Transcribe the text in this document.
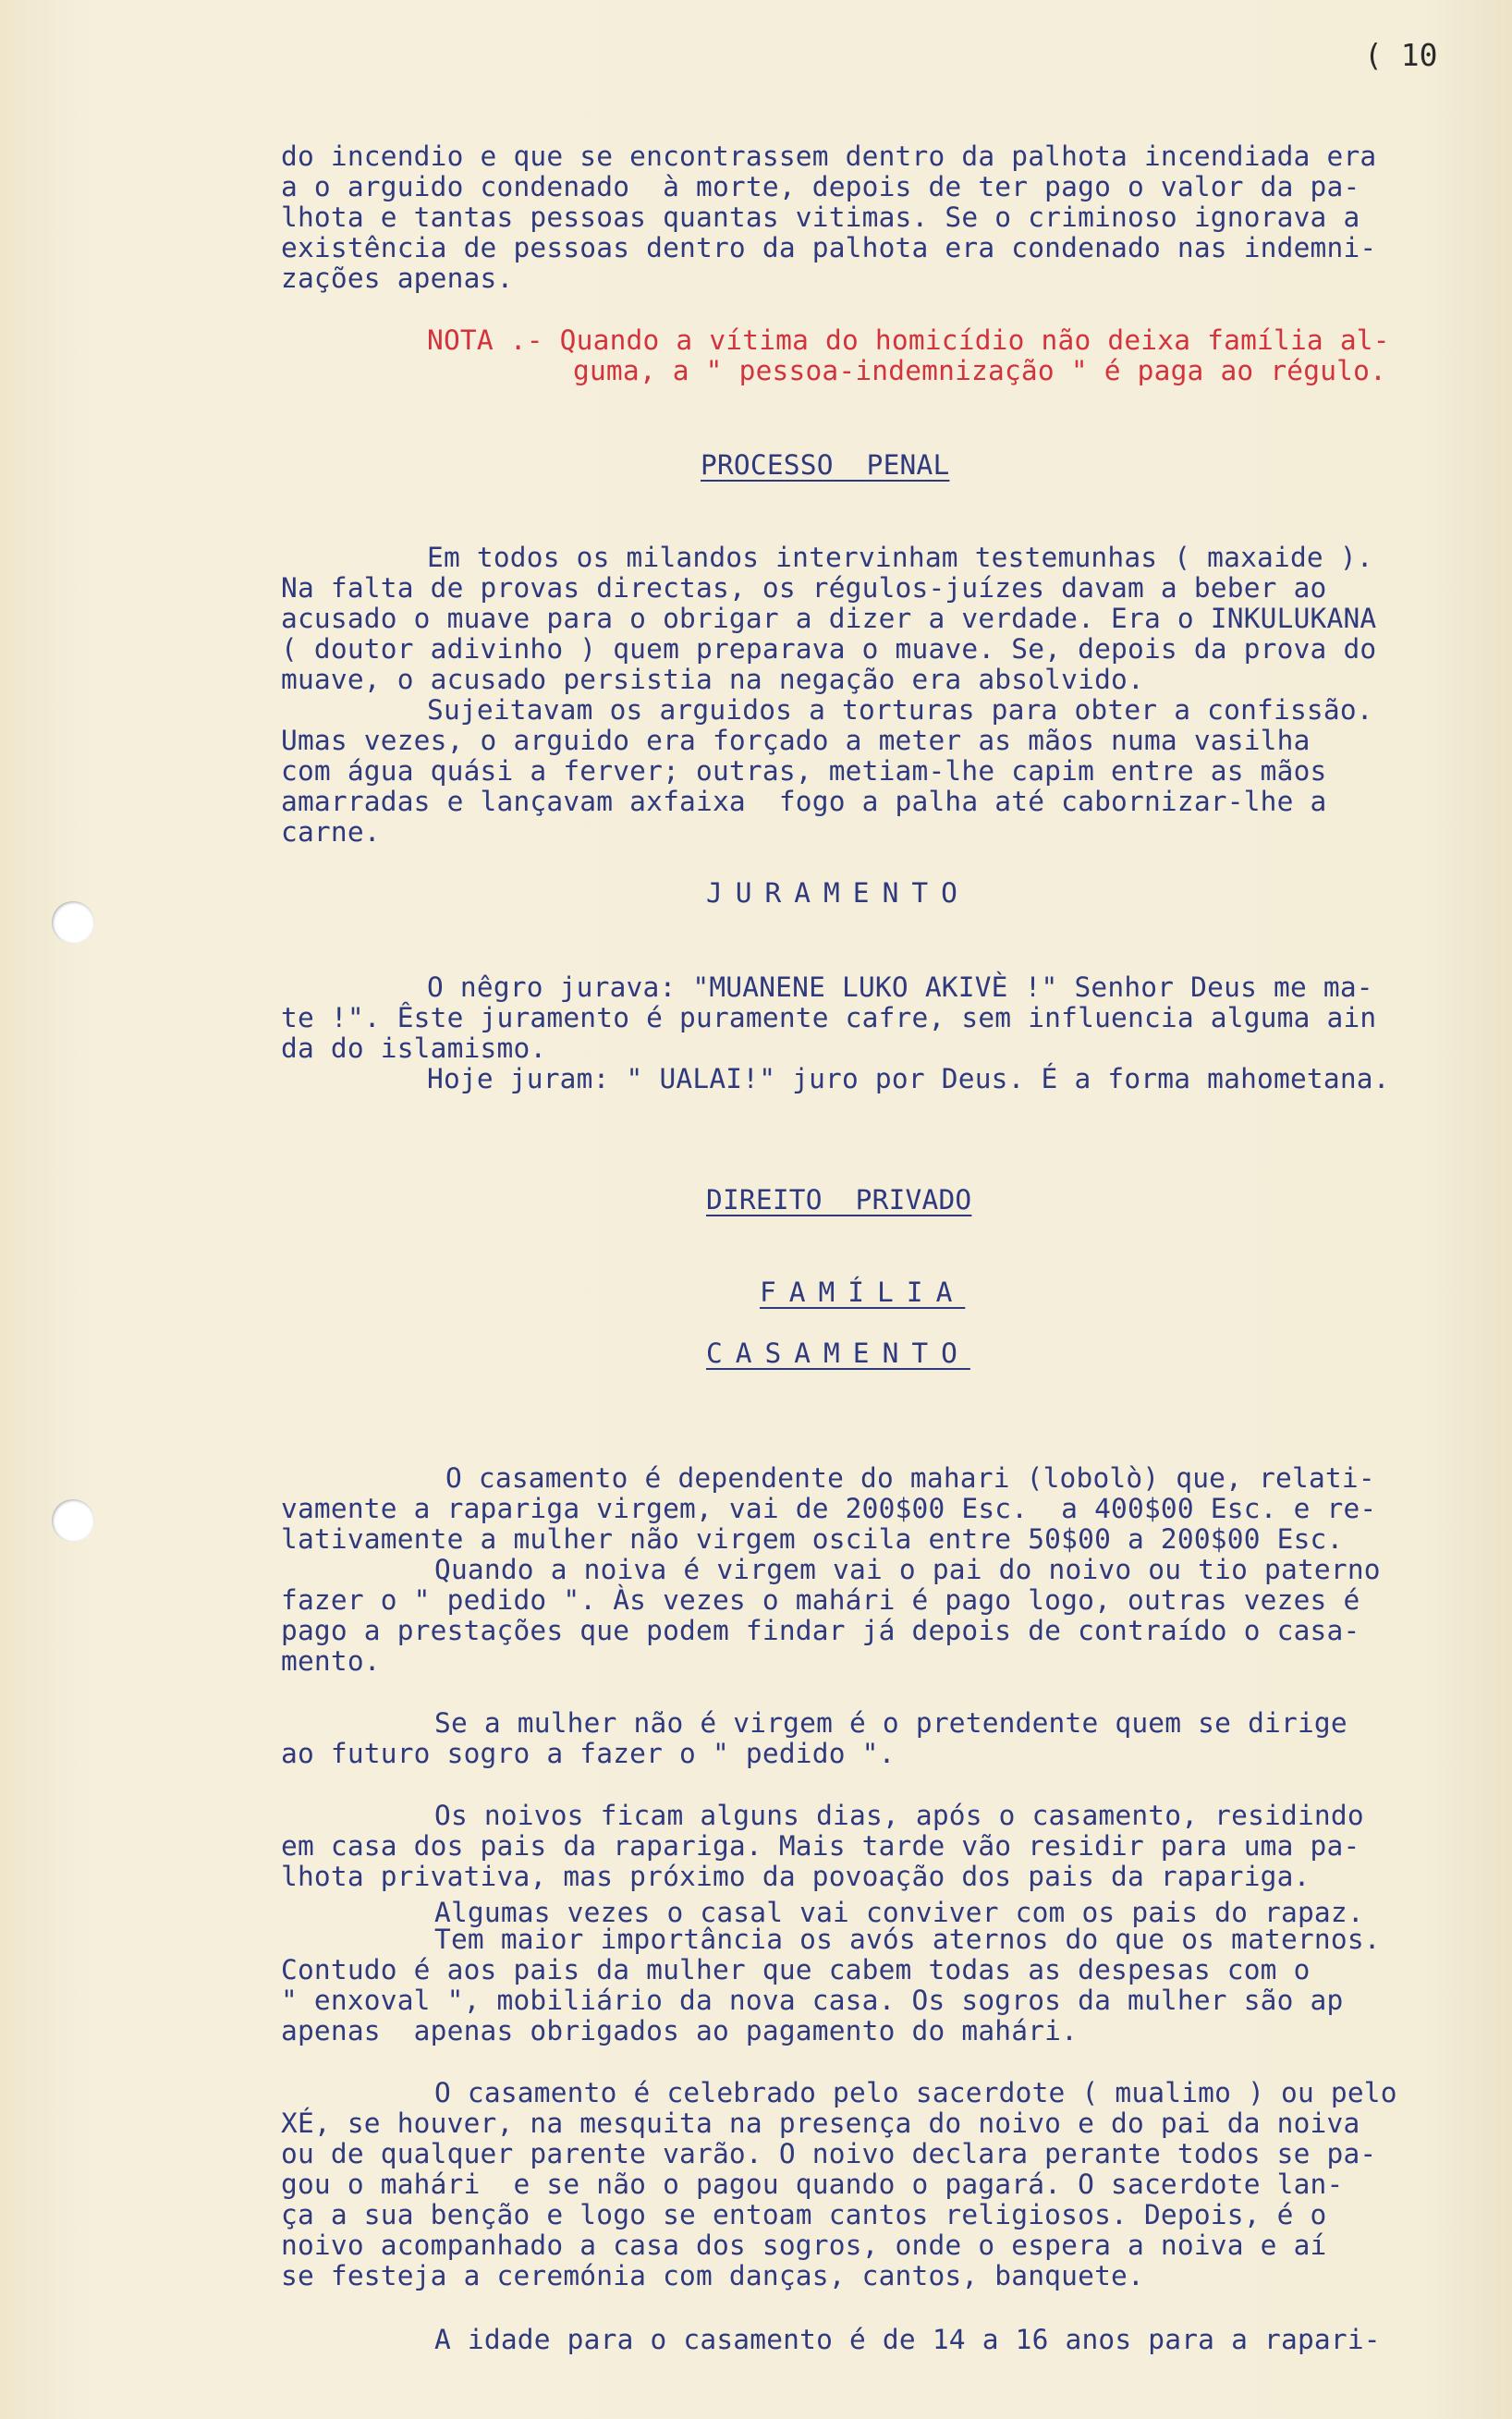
( 10
do incendio e que se encontrassem dentro da palhota incendiada era
a o arguido condenado  à morte, depois de ter pago o valor da pa-
lhota e tantas pessoas quantas vitimas. Se o criminoso ignorava a
existência de pessoas dentro da palhota era condenado nas indemni-
zações apenas.
NOTA .- Quando a vítima do homicídio não deixa família al-
guma, a " pessoa-indemnização " é paga ao régulo.
PROCESSO  PENAL
Em todos os milandos intervinham testemunhas ( maxaide ).
Na falta de provas directas, os régulos-juízes davam a beber ao
acusado o muave para o obrigar a dizer a verdade. Era o INKULUKANA
( doutor adivinho ) quem preparava o muave. Se, depois da prova do
muave, o acusado persistia na negação era absolvido.
Sujeitavam os arguidos a torturas para obter a confissão.
Umas vezes, o arguido era forçado a meter as mãos numa vasilha
com água quási a ferver; outras, metiam-lhe capim entre as mãos
amarradas e lançavam axfaixa  fogo a palha até cabornizar-lhe a
carne.
JURAMENTO
O nêgro jurava: "MUANENE LUKO AKIVÈ !" Senhor Deus me ma-
te !". Êste juramento é puramente cafre, sem influencia alguma ain
da do islamismo.
Hoje juram: " UALAI!" juro por Deus. É a forma mahometana.
DIREITO  PRIVADO
FAMÍLIA
CASAMENTO
O casamento é dependente do mahari (lobolò) que, relati-
vamente a rapariga virgem, vai de 200$00 Esc.  a 400$00 Esc. e re-
lativamente a mulher não virgem oscila entre 50$00 a 200$00 Esc.
Quando a noiva é virgem vai o pai do noivo ou tio paterno
fazer o " pedido ". Às vezes o mahári é pago logo, outras vezes é
pago a prestações que podem findar já depois de contraído o casa-
mento.
Se a mulher não é virgem é o pretendente quem se dirige
ao futuro sogro a fazer o " pedido ".
Os noivos ficam alguns dias, após o casamento, residindo
em casa dos pais da rapariga. Mais tarde vão residir para uma pa-
lhota privativa, mas próximo da povoação dos pais da rapariga.
Algumas vezes o casal vai conviver com os pais do rapaz.
Tem maior importância os avós aternos do que os maternos.
Contudo é aos pais da mulher que cabem todas as despesas com o
" enxoval ", mobiliário da nova casa. Os sogros da mulher são ap
apenas  apenas obrigados ao pagamento do mahári.
O casamento é celebrado pelo sacerdote ( mualimo ) ou pelo
XÉ, se houver, na mesquita na presença do noivo e do pai da noiva
ou de qualquer parente varão. O noivo declara perante todos se pa-
gou o mahári  e se não o pagou quando o pagará. O sacerdote lan-
ça a sua benção e logo se entoam cantos religiosos. Depois, é o
noivo acompanhado a casa dos sogros, onde o espera a noiva e aí
se festeja a ceremónia com danças, cantos, banquete.
A idade para o casamento é de 14 a 16 anos para a rapari-
